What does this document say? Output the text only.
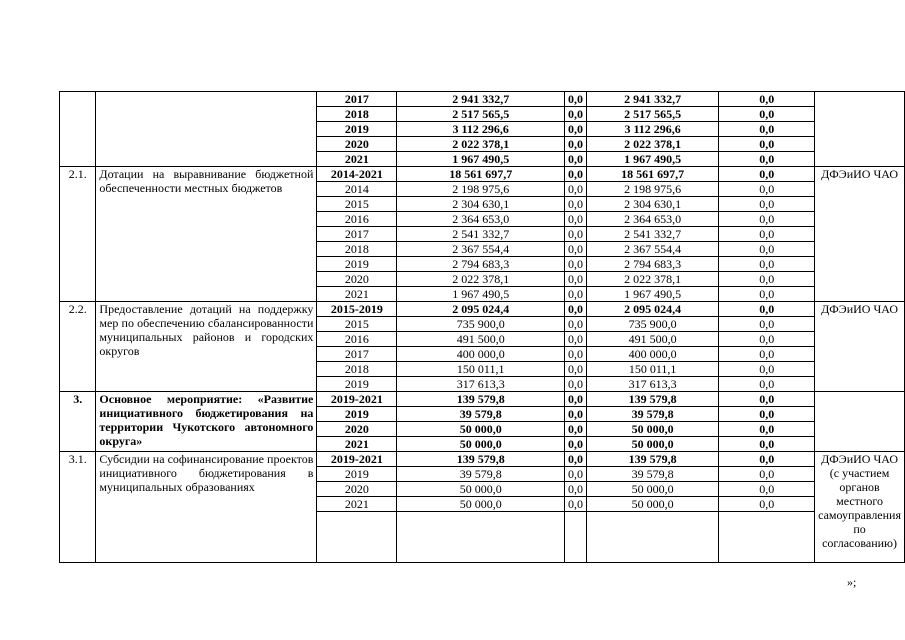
		2017	2 941 332,7	0,0	2 941 332,7	0,0	
		2018	2 517 565,5	0,0	2 517 565,5	0,0	
		2019	3 112 296,6	0,0	3 112 296,6	0,0	
		2020	2 022 378,1	0,0	2 022 378,1	0,0	
		2021	1 967 490,5	0,0	1 967 490,5	0,0	
2.1.	Дотации на выравнивание бюджетной обеспеченности местных бюджетов	2014-2021	18 561 697,7	0,0	18 561 697,7	0,0	ДФЭиИО ЧАО
		2014	2 198 975,6	0,0	2 198 975,6	0,0	
		2015	2 304 630,1	0,0	2 304 630,1	0,0	
		2016	2 364 653,0	0,0	2 364 653,0	0,0	
		2017	2 541 332,7	0,0	2 541 332,7	0,0	
		2018	2 367 554,4	0,0	2 367 554,4	0,0	
		2019	2 794 683,3	0,0	2 794 683,3	0,0	
		2020	2 022 378,1	0,0	2 022 378,1	0,0	
		2021	1 967 490,5	0,0	1 967 490,5	0,0	
2.2.	Предоставление дотаций на поддержку мер по обеспечению сбалансированности муниципальных районов и городских округов	2015-2019	2 095 024,4	0,0	2 095 024,4	0,0	ДФЭиИО ЧАО
		2015	735 900,0	0,0	735 900,0	0,0	
		2016	491 500,0	0,0	491 500,0	0,0	
		2017	400 000,0	0,0	400 000,0	0,0	
		2018	150 011,1	0,0	150 011,1	0,0	
		2019	317 613,3	0,0	317 613,3	0,0	
3.	Основное мероприятие: «Развитие инициативного бюджетирования на территории Чукотского автономного округа»	2019-2021	139 579,8	0,0	139 579,8	0,0	
		2019	39 579,8	0,0	39 579,8	0,0	
		2020	50 000,0	0,0	50 000,0	0,0	
		2021	50 000,0	0,0	50 000,0	0,0	
3.1.	Субсидии на софинансирование проектов инициативного бюджетирования в муниципальных образованиях	2019-2021	139 579,8	0,0	139 579,8	0,0	ДФЭиИО ЧАО (с участием органов местного самоуправления по согласованию)
		2019	39 579,8	0,0	39 579,8	0,0	
		2020	50 000,0	0,0	50 000,0	0,0	
		2021	50 000,0	0,0	50 000,0	0,0	

»;
